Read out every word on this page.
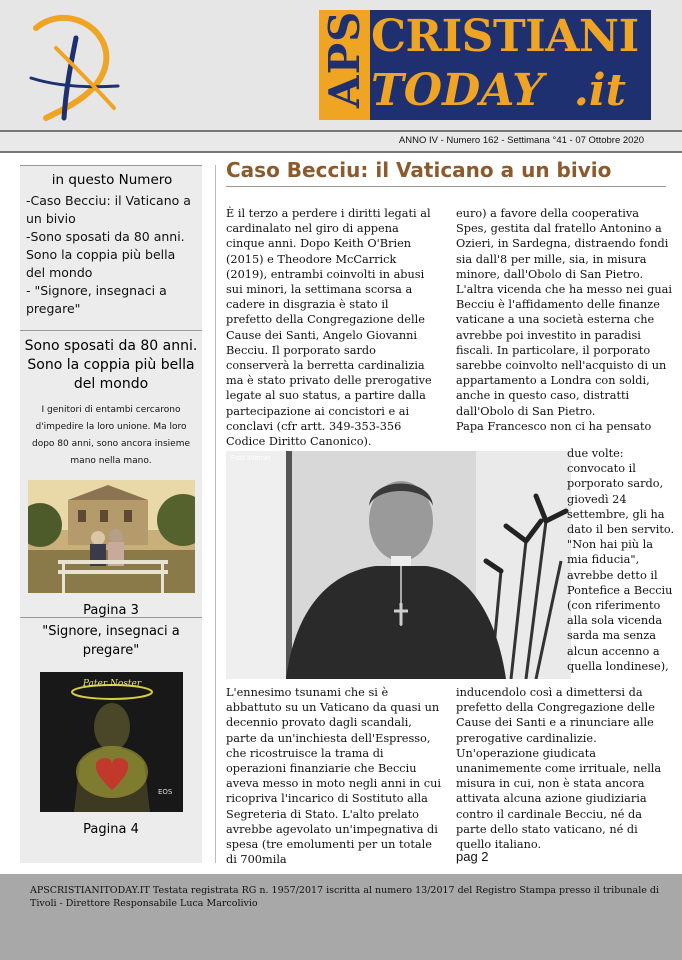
APS CRISTIANI
TODAY .it
ANNO IV - Numero 162 - Settimana °41 - 07 Ottobre 2020
in questo Numero

-Caso Becciu: il Vaticano a un bivio

-Sono sposati da 80 anni. Sono la coppia più bella del mondo

- "Signore, insegnaci a pregare"

Sono sposati da 80 anni. Sono la coppia più bella del mondo

I genitori di entambi cercarono d'impedire la loro unione. Ma loro dopo 80 anni, sono ancora insieme mano nella mano.

Pagina 3

"Signore, insegnaci a pregare"
Pater Noster
EOS

Pagina 4

Caso Becciu: il Vaticano a un bivio

È il terzo a perdere i diritti legati al cardinalato nel giro di appena cinque anni. Dopo Keith O'Brien (2015) e Theodore McCarrick (2019), entrambi coinvolti in abusi sui minori, la settimana scorsa a cadere in disgrazia è stato il prefetto della Congregazione delle Cause dei Santi, Angelo Giovanni Becciu. Il porporato sardo conserverà la berretta cardinalizia ma è stato privato delle prerogative legate al suo status, a partire dalla partecipazione ai concistori e ai conclavi (cfr artt. 349-353-356 Codice Diritto Canonico).

euro) a favore della cooperativa Spes, gestita dal fratello Antonino a Ozieri, in Sardegna, distraendo fondi sia dall'8 per mille, sia, in misura minore, dall'Obolo di San Pietro. L'altra vicenda che ha messo nei guai Becciu è l'affidamento delle finanze vaticane a una società esterna che avrebbe poi investito in paradisi fiscali. In particolare, il porporato sarebbe coinvolto nell'acquisto di un appartamento a Londra con soldi, anche in questo caso, distratti dall'Obolo di San Pietro.
Papa Francesco non ci ha pensato

Foto Internet	due volte: convocato il porporato sardo, giovedì 24 settembre, gli ha dato il ben servito. "Non hai più la mia fiducia", avrebbe detto il Pontefice a Becciu (con riferimento alla sola vicenda sarda ma senza alcun accenno a quella londinese),

L'ennesimo tsunami che si è abbattuto su un Vaticano da quasi un decennio provato dagli scandali, parte da un'inchiesta dell'Espresso, che ricostruisce la trama di operazioni finanziarie che Becciu aveva messo in moto negli anni in cui ricopriva l'incarico di Sostituto alla Segreteria di Stato. L'alto prelato avrebbe agevolato un'impegnativa di spesa (tre emolumenti per un totale di 700mila

inducendolo così a dimettersi da prefetto della Congregazione delle Cause dei Santi e a rinunciare alle prerogative cardinalizie. Un'operazione giudicata unanimemente come irrituale, nella misura in cui, non è stata ancora attivata alcuna azione giudiziaria contro il cardinale Becciu, né da parte dello stato vaticano, né di quello italiano.

pag 2

APSCRISTIANITODAY.IT Testata registrata RG n. 1957/2017 iscritta al numero 13/2017 del Registro Stampa presso il tribunale di Tivoli - Direttore Responsabile Luca Marcolivio
